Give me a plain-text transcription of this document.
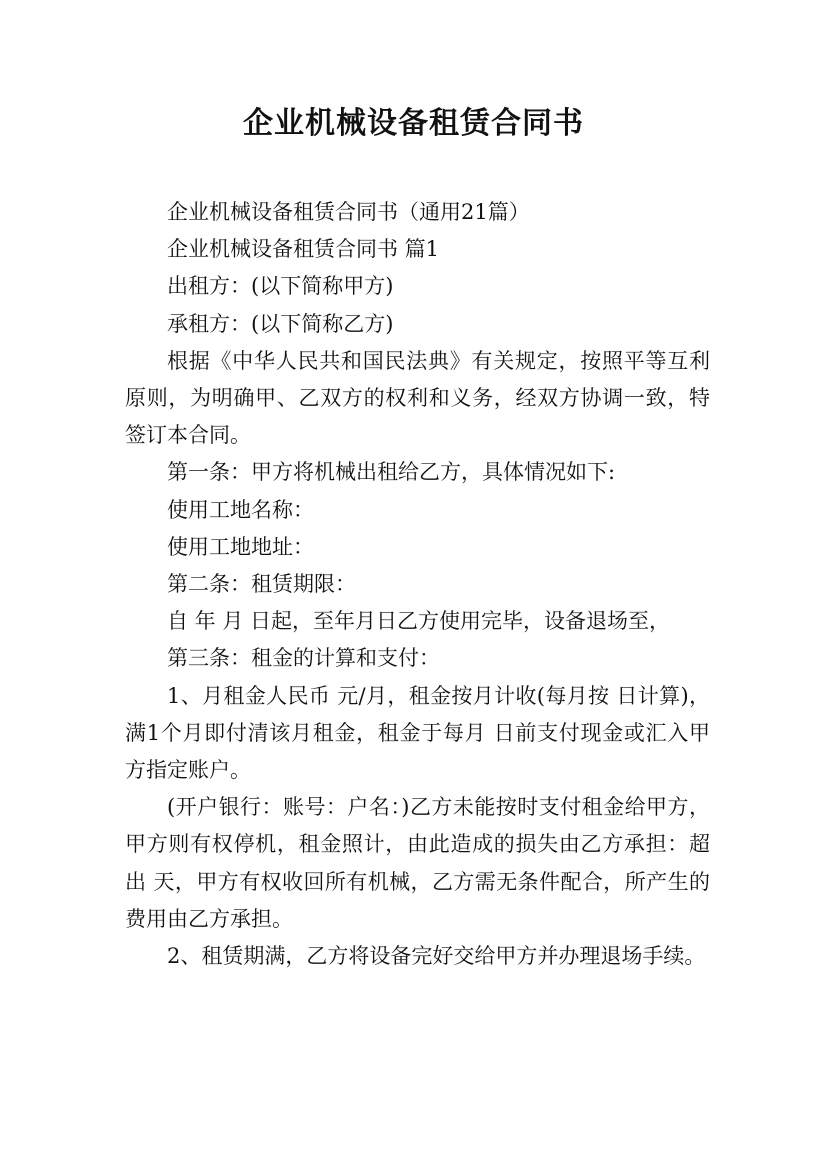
企业机械设备租赁合同书

企业机械设备租赁合同书（通用21篇）

企业机械设备租赁合同书 篇1

出租方：(以下简称甲方)

承租方：(以下简称乙方)

根据《中华人民共和国民法典》有关规定，按照平等互利原则，为明确甲、乙双方的权利和义务，经双方协调一致，特签订本合同。

第一条：甲方将机械出租给乙方，具体情况如下:

使用工地名称：

使用工地地址：

第二条：租赁期限：

自 年 月 日起，至年月日乙方使用完毕，设备退场至，

第三条：租金的计算和支付：

1、月租金人民币 元/月，租金按月计收(每月按 日计算)，满1个月即付清该月租金，租金于每月 日前支付现金或汇入甲方指定账户。

(开户银行：账号：户名：)乙方未能按时支付租金给甲方，甲方则有权停机，租金照计，由此造成的损失由乙方承担：超出 天，甲方有权收回所有机械，乙方需无条件配合，所产生的费用由乙方承担。

2、租赁期满，乙方将设备完好交给甲方并办理退场手续。
